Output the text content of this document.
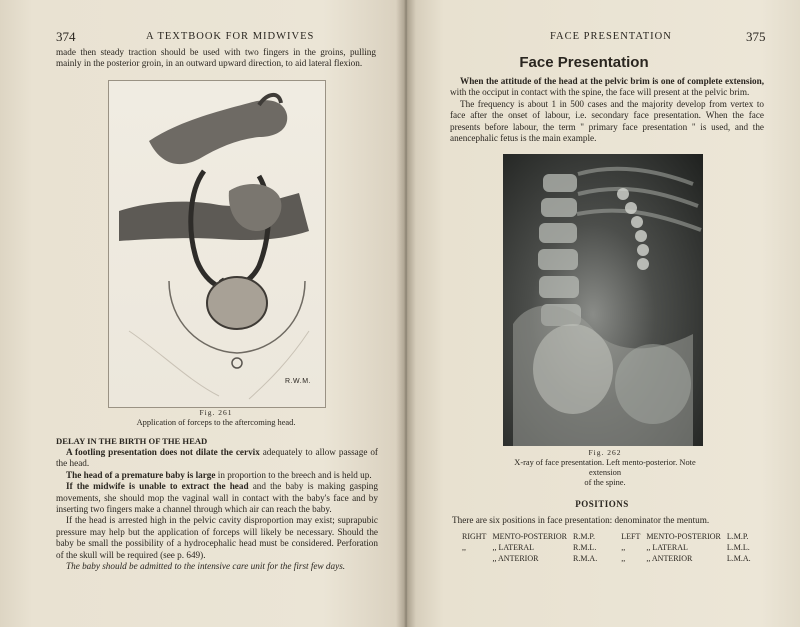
374	A TEXTBOOK FOR MIDWIVES

made then steady traction should be used with two fingers in the groins, pulling mainly in the posterior groin, in an outward upward direction, to aid lateral flexion.

R.W.M.
Fig. 261
Application of forceps to the aftercoming head.
DELAY IN THE BIRTH OF THE HEAD

A footling presentation does not dilate the cervix adequately to allow passage of the head.

The head of a premature baby is large in proportion to the breech and is held up.

If the midwife is unable to extract the head and the baby is making gasping movements, she should mop the vaginal wall in contact with the baby's face and by inserting two fingers make a channel through which air can reach the baby.

If the head is arrested high in the pelvic cavity disproportion may exist; suprapubic pressure may help but the application of forceps will likely be necessary. Should the baby be small the possibility of a hydrocephalic head must be considered. Perforation of the skull will be required (see p. 649).

The baby should be admitted to the intensive care unit for the first few days.

FACE PRESENTATION	375
Face Presentation

When the attitude of the head at the pelvic brim is one of complete extension, with the occiput in contact with the spine, the face will present at the pelvic brim.

The frequency is about 1 in 500 cases and the majority develop from vertex to face after the onset of labour, i.e. secondary face presentation. When the face presents before labour, the term " primary face presentation " is used, and the anencephalic fetus is the main example.

Fig. 262
X-ray of face presentation. Left mento-posterior. Note extension
of the spine.
POSITIONS
There are six positions in face presentation: denominator the mentum.
RIGHT	MENTO-POSTERIOR	R.M.P.	LEFT	MENTO-POSTERIOR	L.M.P.
,,	,, LATERAL	R.M.L.	,,	,, LATERAL	L.M.L.
	,, ANTERIOR	R.M.A.	,,	,, ANTERIOR	L.M.A.
